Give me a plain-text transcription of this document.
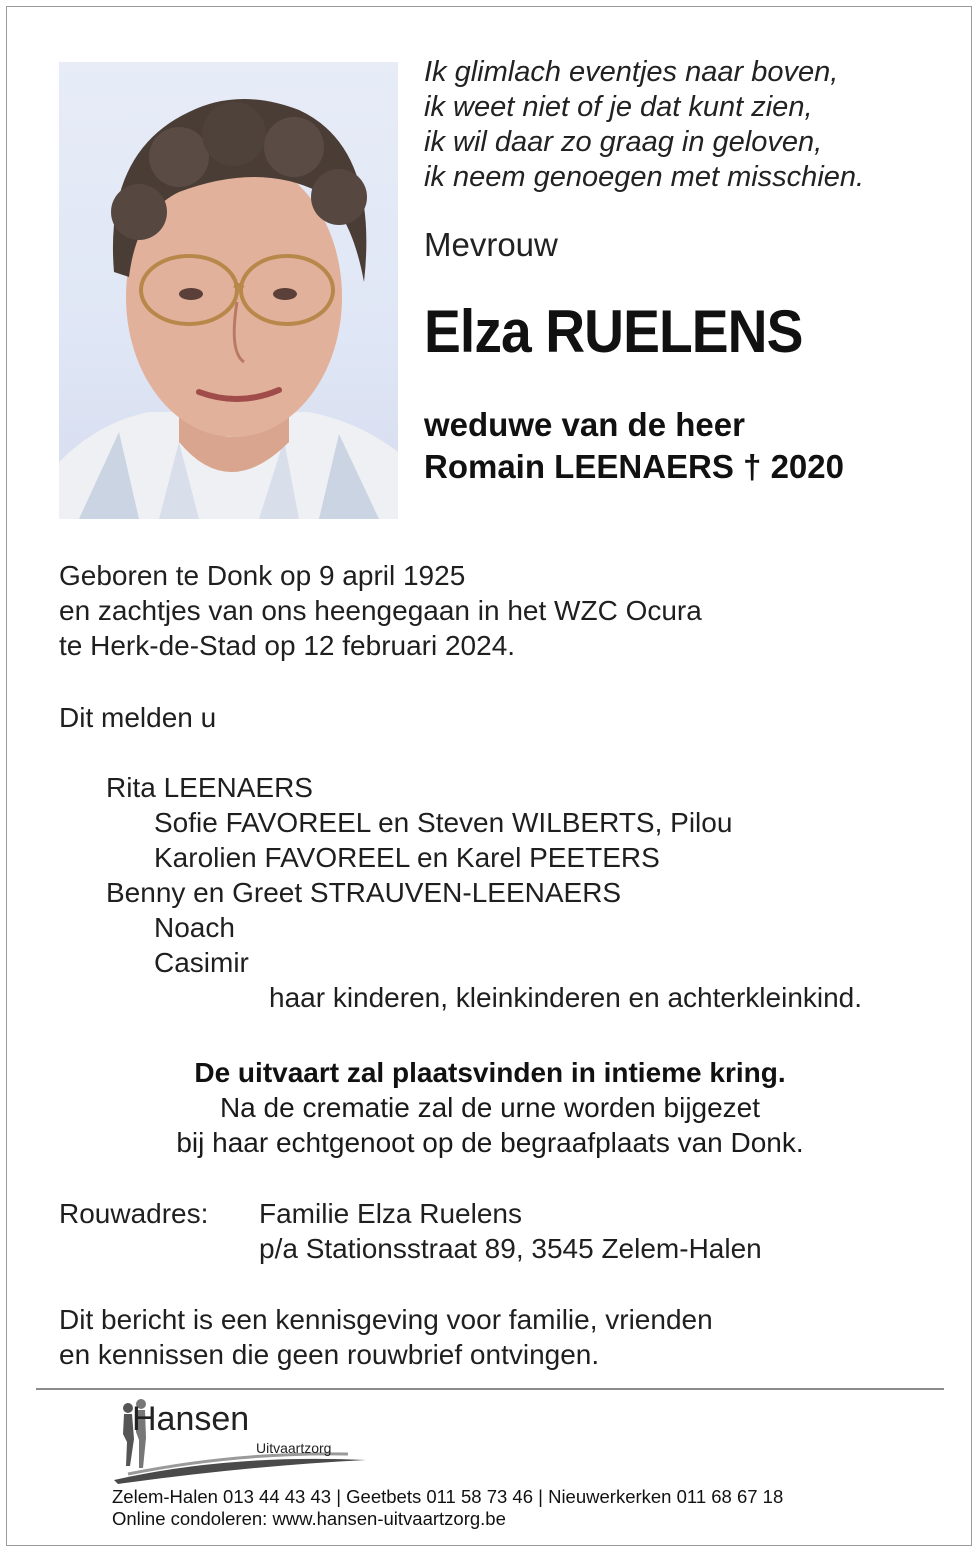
Ik glimlach eventjes naar boven,
ik weet niet of je dat kunt zien,
ik wil daar zo graag in geloven,
ik neem genoegen met misschien.
Mevrouw
Elza RUELENS
weduwe van de heer
Romain LEENAERS † 2020
Geboren te Donk op 9 april 1925
en zachtjes van ons heengegaan in het WZC Ocura
te Herk-de-Stad op 12 februari 2024.
Dit melden u
Rita LEENAERS
Sofie FAVOREEL en Steven WILBERTS, Pilou
Karolien FAVOREEL en Karel PEETERS
Benny en Greet STRAUVEN-LEENAERS
Noach
Casimir
haar kinderen, kleinkinderen en achterkleinkind.
De uitvaart zal plaatsvinden in intieme kring.
Na de crematie zal de urne worden bijgezet
bij haar echtgenoot op de begraafplaats van Donk.
Rouwadres:	Familie Elza Ruelens
p/a Stationsstraat 89, 3545 Zelem-Halen
Dit bericht is een kennisgeving voor familie, vrienden
en kennissen die geen rouwbrief ontvingen.
Hansen
Uitvaartzorg
Zelem-Halen 013 44 43 43 | Geetbets 011 58 73 46 | Nieuwerkerken 011 68 67 18
Online condoleren: www.hansen-uitvaartzorg.be
